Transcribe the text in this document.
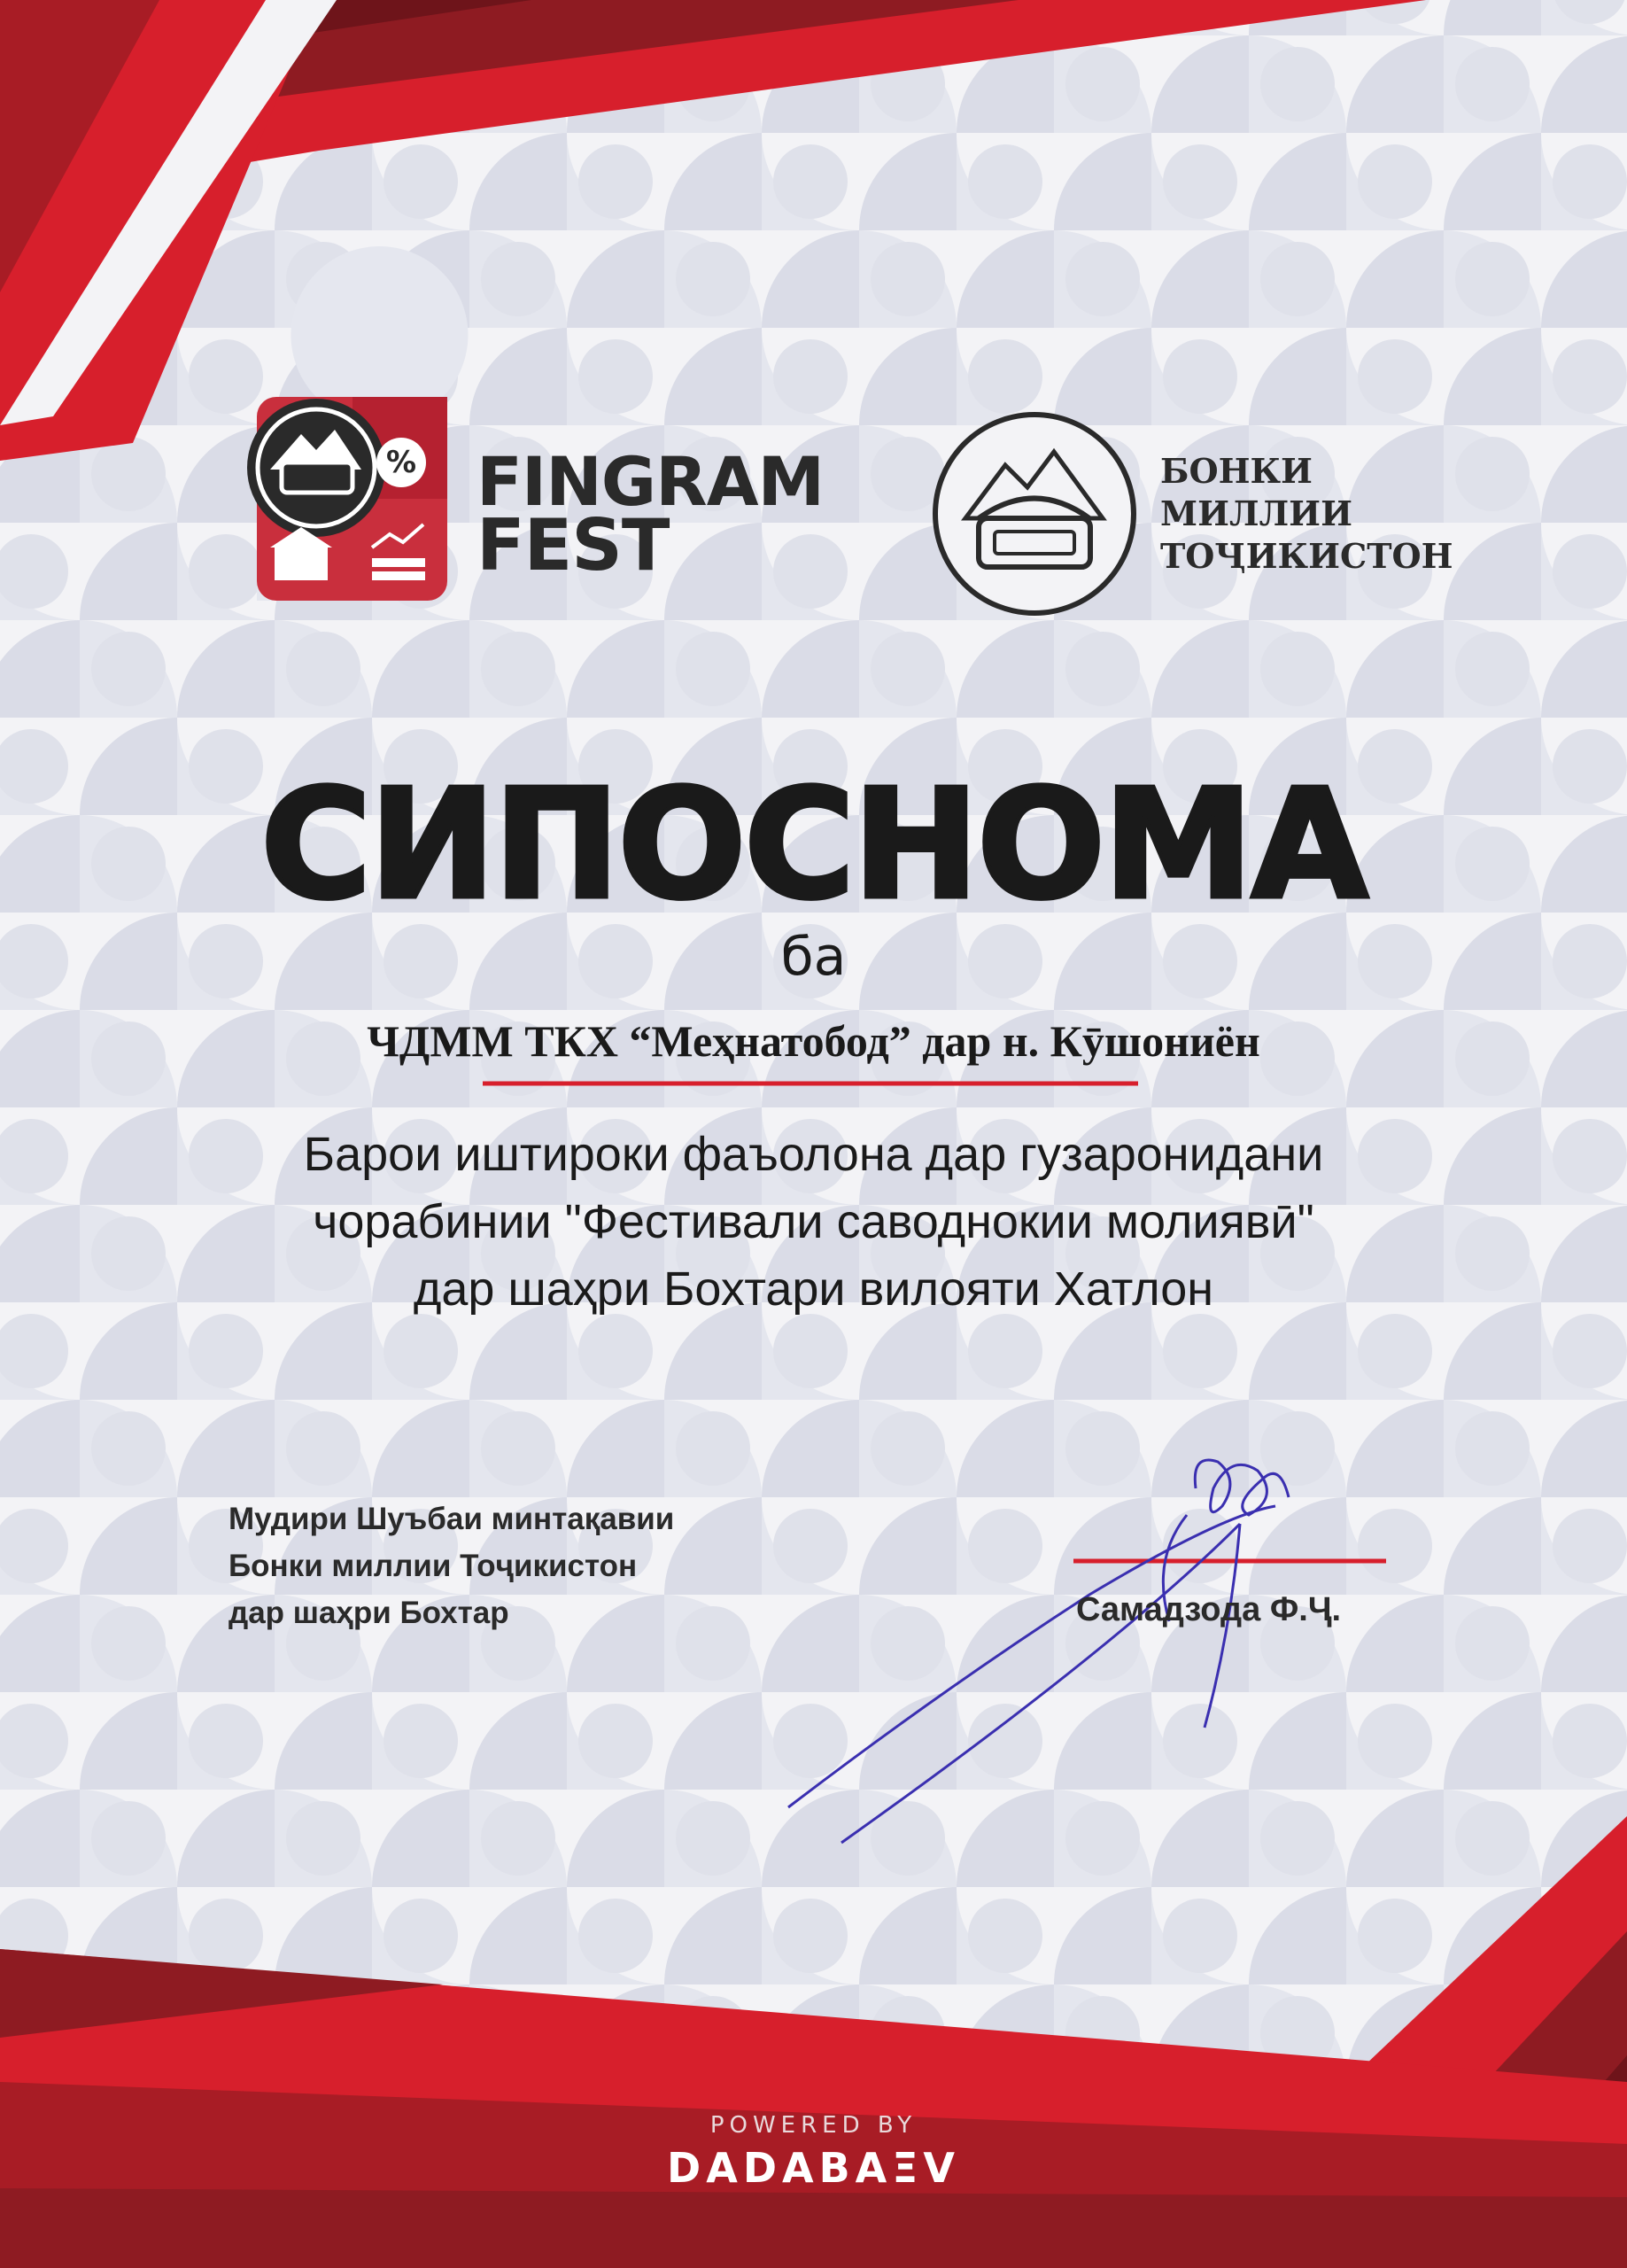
% FINGRAM
FEST
БОНКИ
МИЛЛИИ
ТОҶИКИСТОН
СИПОСНОМА
ба
ЧДММ ТКХ “Меҳнатобод” дар н. Кӯшониён
Барои иштироки фаъолона дар гузаронидани
чорабинии "Фестивали саводнокии молиявӣ"
дар шаҳри Бохтари вилояти Хатлон
Мудири Шуъбаи минтақавии
Бонки миллии Тоҷикистон
дар шаҳри Бохтар	Самадзода Ф.Ҷ.
POWERED BY
DADABAΞV
